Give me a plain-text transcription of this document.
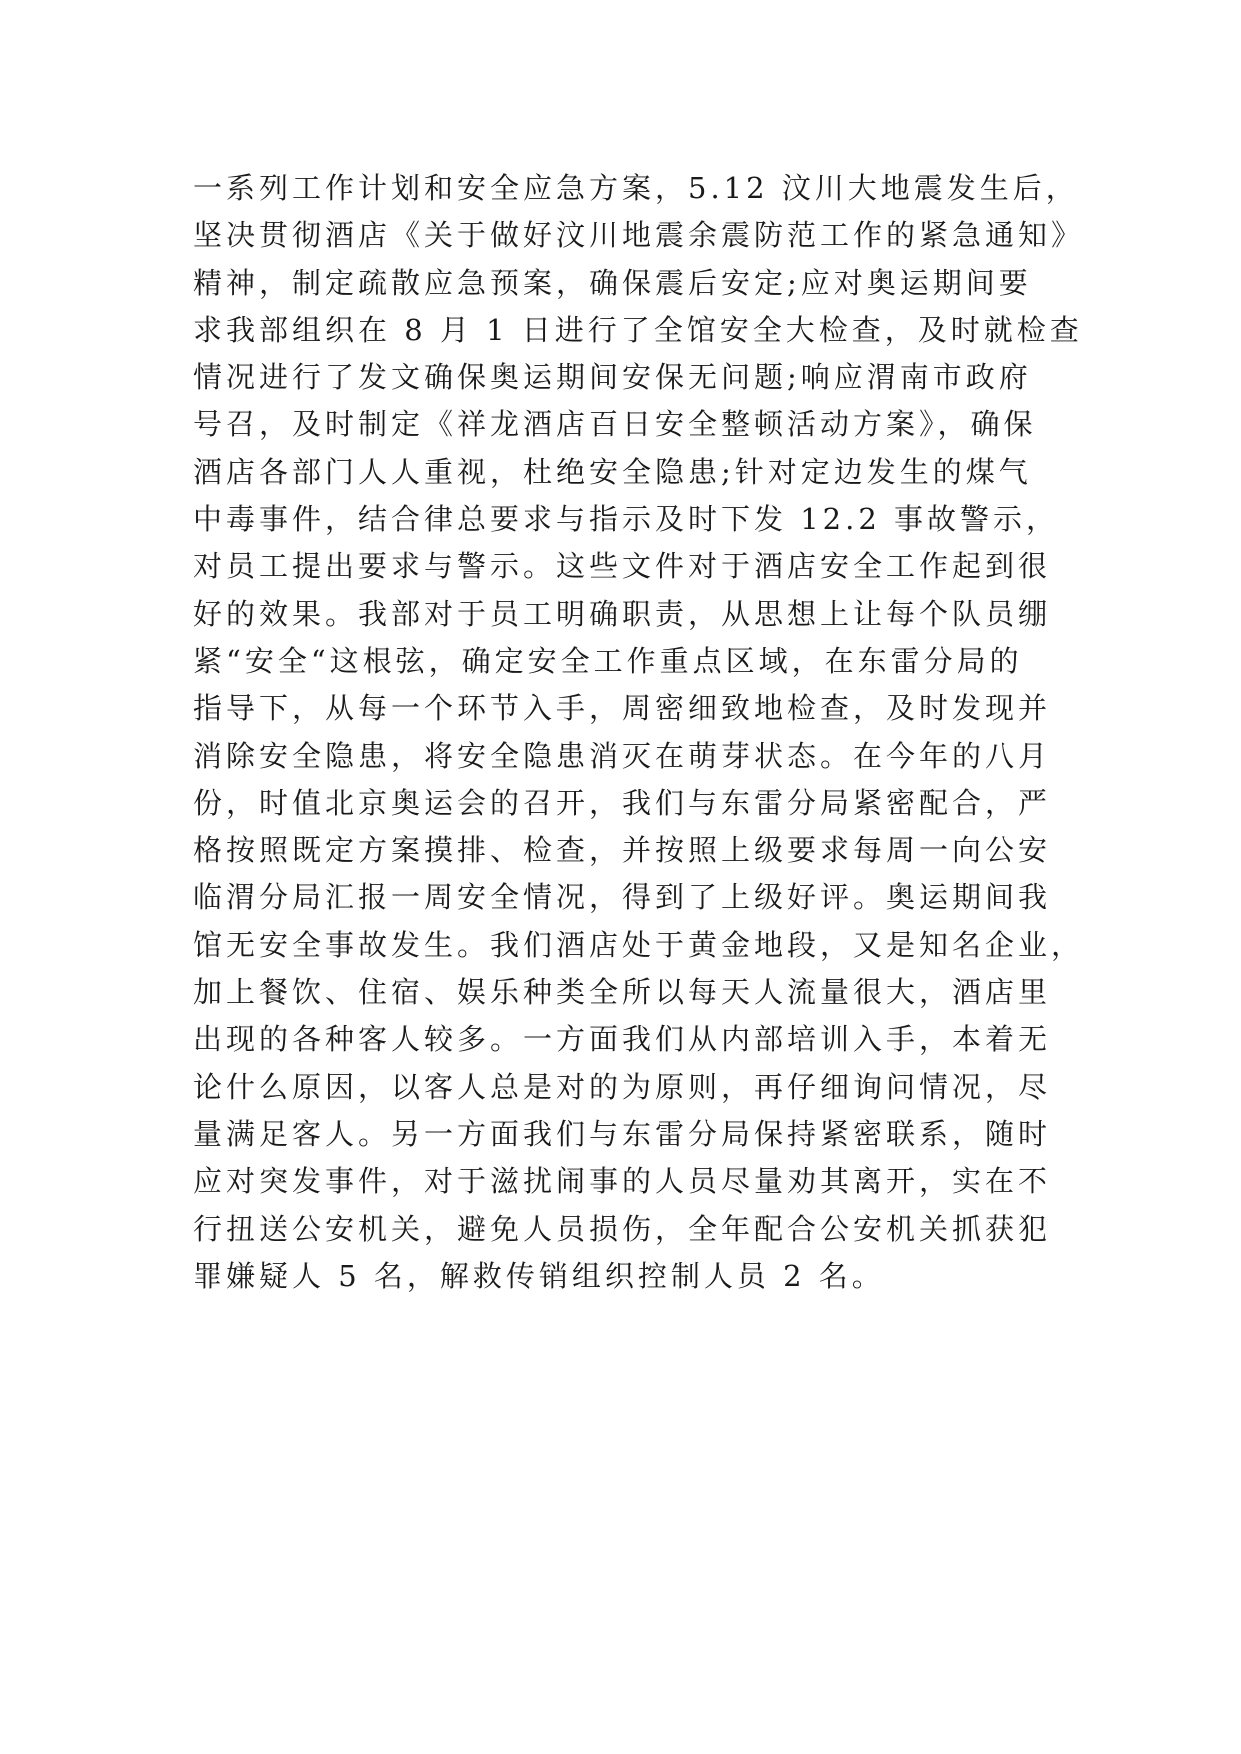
一系列工作计划和安全应急方案，5.12 汶川大地震发生后，
坚决贯彻酒店《关于做好汶川地震余震防范工作的紧急通知》
精神，制定疏散应急预案，确保震后安定;应对奥运期间要
求我部组织在 8 月 1 日进行了全馆安全大检查，及时就检查
情况进行了发文确保奥运期间安保无问题;响应渭南市政府
号召，及时制定《祥龙酒店百日安全整顿活动方案》，确保
酒店各部门人人重视，杜绝安全隐患;针对定边发生的煤气
中毒事件，结合律总要求与指示及时下发 12.2 事故警示，
对员工提出要求与警示。这些文件对于酒店安全工作起到很
好的效果。我部对于员工明确职责，从思想上让每个队员绷
紧“安全“这根弦，确定安全工作重点区域，在东雷分局的
指导下，从每一个环节入手，周密细致地检查，及时发现并
消除安全隐患，将安全隐患消灭在萌芽状态。在今年的八月
份，时值北京奥运会的召开，我们与东雷分局紧密配合，严
格按照既定方案摸排、检查，并按照上级要求每周一向公安
临渭分局汇报一周安全情况，得到了上级好评。奥运期间我
馆无安全事故发生。我们酒店处于黄金地段，又是知名企业，
加上餐饮、住宿、娱乐种类全所以每天人流量很大，酒店里
出现的各种客人较多。一方面我们从内部培训入手，本着无
论什么原因，以客人总是对的为原则，再仔细询问情况，尽
量满足客人。另一方面我们与东雷分局保持紧密联系，随时
应对突发事件，对于滋扰闹事的人员尽量劝其离开，实在不
行扭送公安机关，避免人员损伤，全年配合公安机关抓获犯
罪嫌疑人 5 名，解救传销组织控制人员 2 名。
